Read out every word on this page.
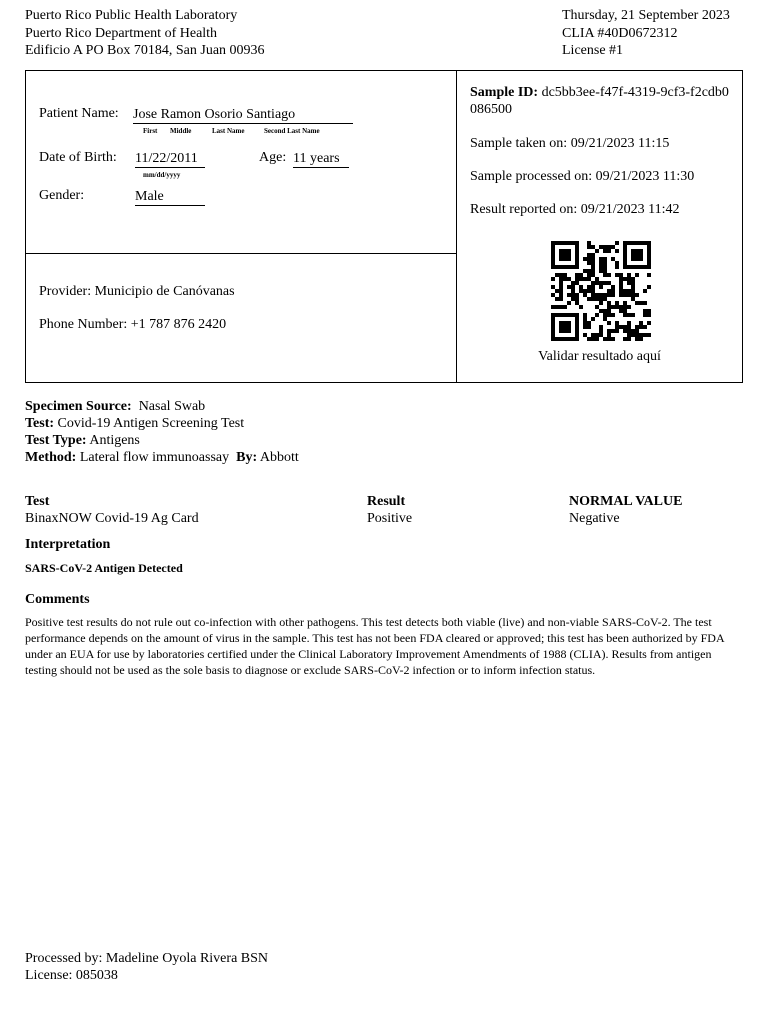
Puerto Rico Public Health Laboratory
Puerto Rico Department of Health
Edificio A PO Box 70184, San Juan 00936
Thursday, 21 September 2023
CLIA #40D0672312
License #1
Patient Name: Jose Ramon Osorio Santiago
First Middle	Last Name	Second Last Name
Date of Birth: 11/22/2011
mm/dd/yyyy
Age: 11 years
Gender:	Male
Provider: Municipio de Canóvanas
Phone Number: +1 787 876 2420
Sample ID: dc5bb3ee-f47f-4319-9cf3-f2cdb0086500
Sample taken on: 09/21/2023 11:15
Sample processed on: 09/21/2023 11:30
Result reported on: 09/21/2023 11:42
Validar resultado aquí
Specimen Source: Nasal Swab
Test: Covid-19 Antigen Screening Test
Test Type: Antigens
Method: Lateral flow immunoassay By: Abbott
Test	Result	NORMAL VALUE
BinaxNOW Covid-19 Ag Card	Positive	Negative
Interpretation
SARS-CoV-2 Antigen Detected
Comments
Positive test results do not rule out co-infection with other pathogens. This test detects both viable (live) and non-viable SARS-CoV-2. The test performance depends on the amount of virus in the sample. This test has not been FDA cleared or approved; this test has been authorized by FDA under an EUA for use by laboratories certified under the Clinical Laboratory Improvement Amendments of 1988 (CLIA). Results from antigen testing should not be used as the sole basis to diagnose or exclude SARS-CoV-2 infection or to inform infection status.
Processed by: Madeline Oyola Rivera BSN
License: 085038
